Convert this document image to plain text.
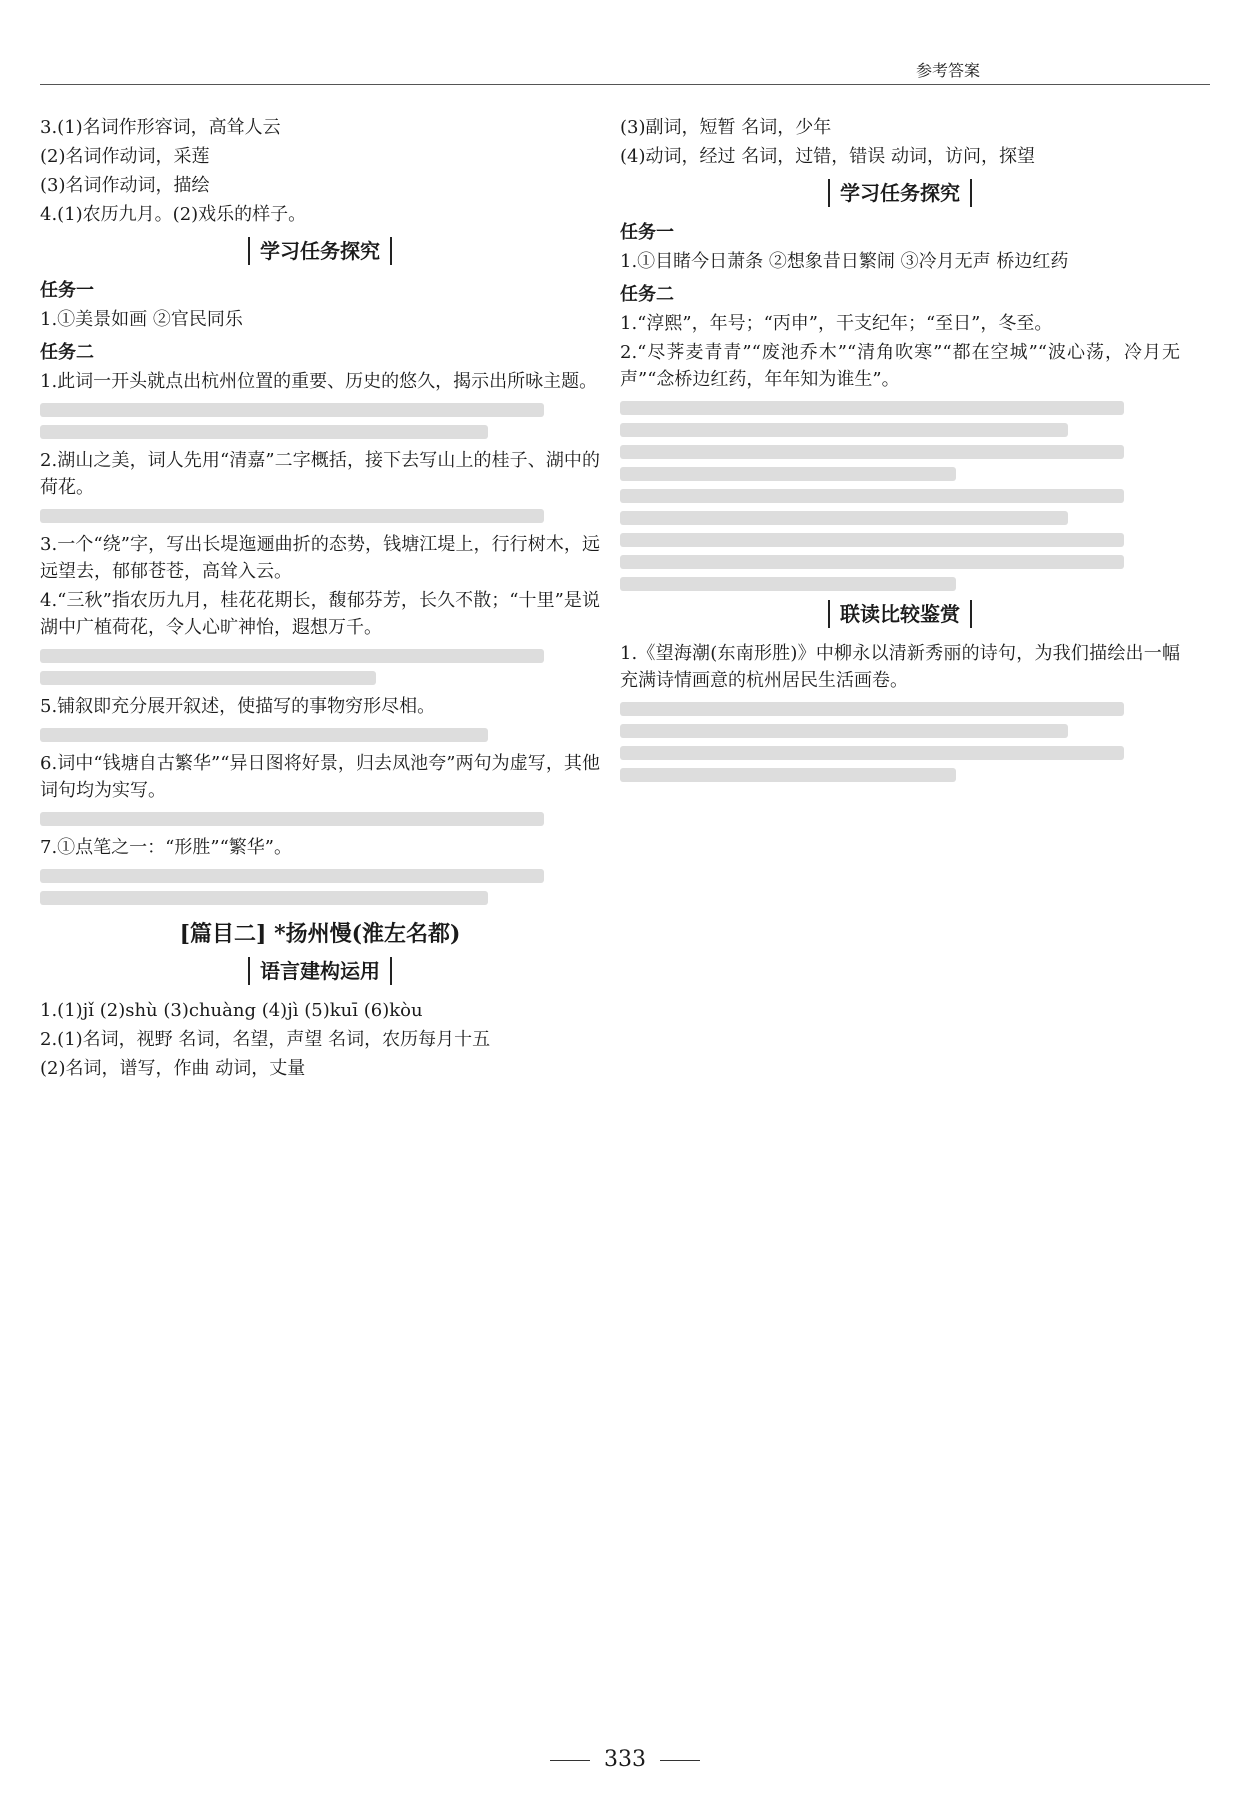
参考答案
3.(1)名词作形容词，高耸人云
(2)名词作动词，采莲
(3)名词作动词，描绘
4.(1)农历九月。(2)戏乐的样子。
学习任务探究
任务一
1.①美景如画 ②官民同乐
任务二
1.此词一开头就点出杭州位置的重要、历史的悠久，揭示出所咏主题。
2.湖山之美，词人先用“清嘉”二字概括，接下去写山上的桂子、湖中的荷花。
3.一个“绕”字，写出长堤迤逦曲折的态势，钱塘江堤上，行行树木，远远望去，郁郁苍苍，高耸入云。
4.“三秋”指农历九月，桂花花期长，馥郁芬芳，长久不散；“十里”是说湖中广植荷花，令人心旷神怡，遐想万千。
5.铺叙即充分展开叙述，使描写的事物穷形尽相。
6.词中“钱塘自古繁华”“异日图将好景，归去凤池夸”两句为虚写，其他词句均为实写。
7.①点笔之一：“形胜”“繁华”。
[篇目二] *扬州慢(淮左名都)
语言建构运用
1.(1)jǐ (2)shù (3)chuàng (4)jì (5)kuī (6)kòu
2.(1)名词，视野 名词，名望，声望 名词，农历每月十五
(2)名词，谱写，作曲 动词，丈量
(3)副词，短暂 名词，少年
(4)动词，经过 名词，过错，错误 动词，访问，探望
学习任务探究
任务一
1.①目睹今日萧条 ②想象昔日繁闹 ③冷月无声 桥边红药
任务二
1.“淳熙”，年号；“丙申”，干支纪年；“至日”，冬至。
2.“尽荠麦青青”“废池乔木”“清角吹寒”“都在空城”“波心荡，冷月无声”“念桥边红药，年年知为谁生”。
联读比较鉴赏
1.《望海潮(东南形胜)》中柳永以清新秀丽的诗句，为我们描绘出一幅充满诗情画意的杭州居民生活画卷。
333
